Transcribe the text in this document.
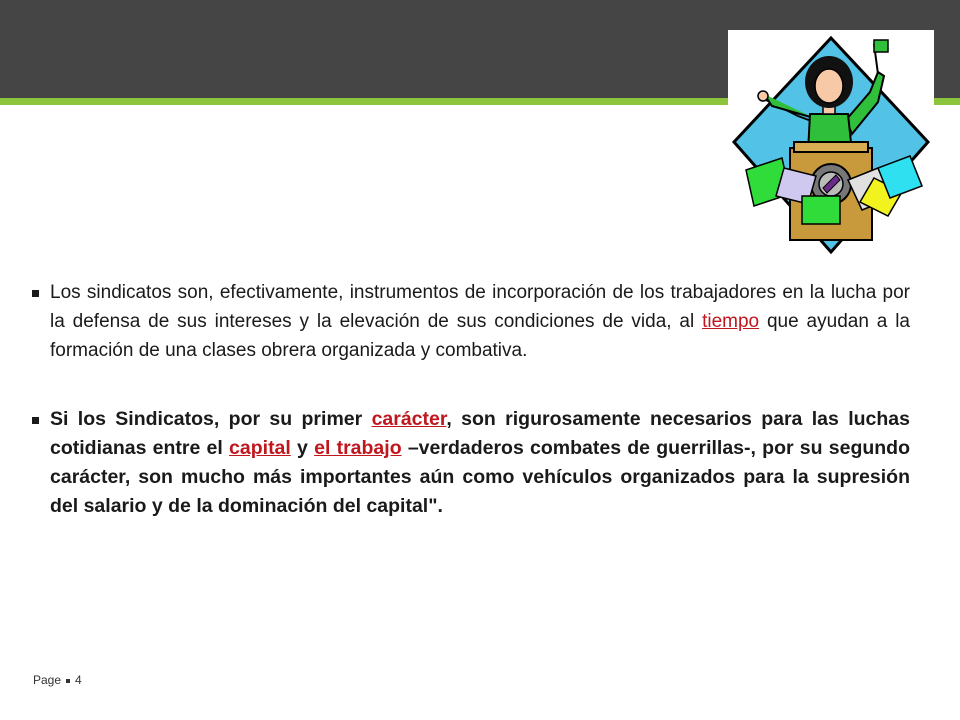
Los sindicatos son, efectivamente, instrumentos de incorporación de los trabajadores en la lucha por la defensa de sus intereses y la elevación de sus condiciones de vida, al tiempo que ayudan a la formación de una clases obrera organizada y combativa.
Si los Sindicatos, por su primer carácter, son rigurosamente necesarios para las luchas cotidianas entre el capital y el trabajo –verdaderos combates de guerrillas-, por su segundo carácter, son mucho más importantes aún como vehículos organizados para la supresión del salario y de la dominación del capital".
Page 4
